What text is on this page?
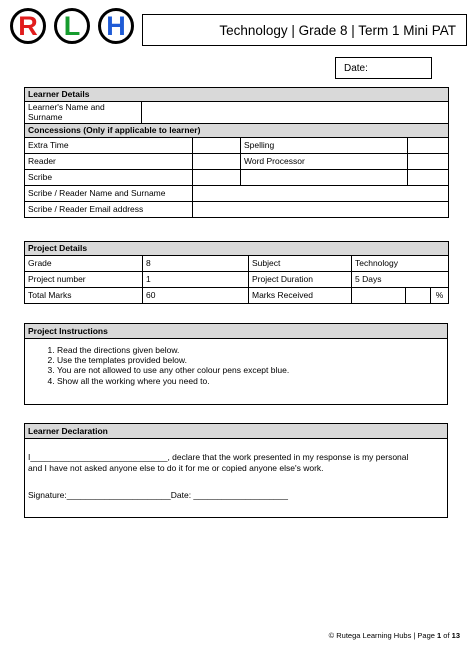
R L H	Technology | Grade 8 | Term 1 Mini PAT
Date:
Learner Details				
Learner's Name and Surname				
Concessions (Only if applicable to learner)				
Extra Time			Spelling	
Reader			Word Processor	
Scribe				
Scribe / Reader Name and Surname				
Scribe / Reader Email address				
Project Details					
Grade	8	Subject	Technology		
Project number	1	Project Duration	5 Days		
Total Marks	60	Marks Received			%
Project Instructions
1. Read the directions given below.
2. Use the templates provided below.
3. You are not allowed to use any other colour pens except blue.
4. Show all the working where you need to.
Learner Declaration
I_____________________________, declare that the work presented in my response is my personal
and I have not asked anyone else to do it for me or copied anyone else's work.
Signature:______________________Date: ____________________
© Rutega Learning Hubs | Page 1 of 13
